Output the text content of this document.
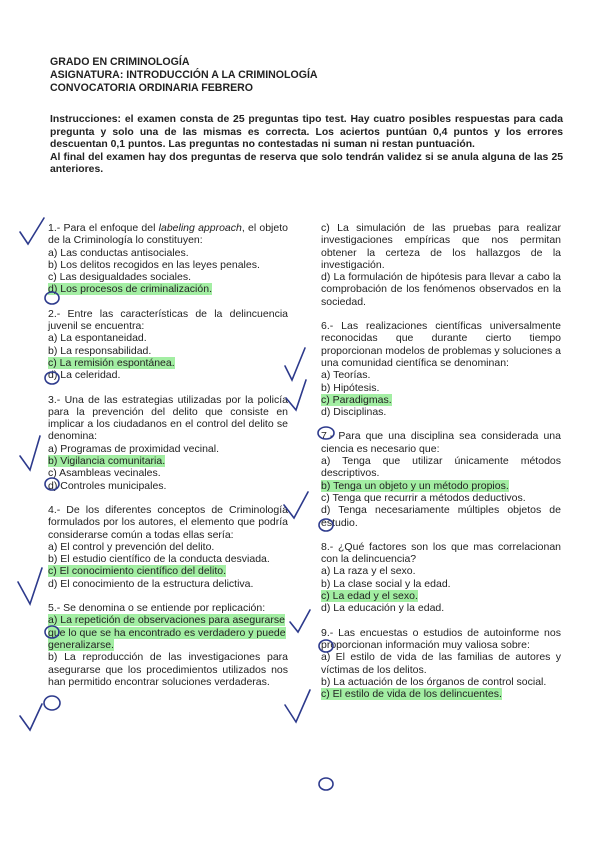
GRADO EN CRIMINOLOGÍA
ASIGNATURA: INTRODUCCIÓN A LA CRIMINOLOGÍA
CONVOCATORIA ORDINARIA FEBRERO

Instrucciones: el examen consta de 25 preguntas tipo test. Hay cuatro posibles respuestas para cada pregunta y solo una de las mismas es correcta. Los aciertos puntúan 0,4 puntos y los errores descuentan 0,1 puntos. Las preguntas no contestadas ni suman ni restan puntuación.

Al final del examen hay dos preguntas de reserva que solo tendrán validez si se anula alguna de las 25 anteriores.

1.- Para el enfoque del labeling approach, el objeto de la Criminología lo constituyen:
a) Las conductas antisociales.
b) Los delitos recogidos en las leyes penales.
c) Las desigualdades sociales.
d) Los procesos de criminalización.
2.- Entre las características de la delincuencia juvenil se encuentra:
a) La espontaneidad.
b) La responsabilidad.
c) La remisión espontánea.
d) La celeridad.
3.- Una de las estrategias utilizadas por la policía para la prevención del delito que consiste en implicar a los ciudadanos en el control del delito se denomina:
a) Programas de proximidad vecinal.
b) Vigilancia comunitaria.
c) Asambleas vecinales.
d) Controles municipales.
4.- De los diferentes conceptos de Criminología formulados por los autores, el elemento que podría considerarse común a todas ellas sería:
a) El control y prevención del delito.
b) El estudio científico de la conducta desviada.
c) El conocimiento científico del delito.
d) El conocimiento de la estructura delictiva.
5.- Se denomina o se entiende por replicación:
a) La repetición de observaciones para asegurarse que lo que se ha encontrado es verdadero y puede generalizarse.
b) La reproducción de las investigaciones para asegurarse que los procedimientos utilizados nos han permitido encontrar soluciones verdaderas.
c) La simulación de las pruebas para realizar investigaciones empíricas que nos permitan obtener la certeza de los hallazgos de la investigación.
d) La formulación de hipótesis para llevar a cabo la comprobación de los fenómenos observados en la sociedad.
6.- Las realizaciones científicas universalmente reconocidas que durante cierto tiempo proporcionan modelos de problemas y soluciones a una comunidad científica se denominan:
a) Teorías.
b) Hipótesis.
c) Paradigmas.
d) Disciplinas.
7.- Para que una disciplina sea considerada una ciencia es necesario que:
a) Tenga que utilizar únicamente métodos descriptivos.
b) Tenga un objeto y un método propios.
c) Tenga que recurrir a métodos deductivos.
d) Tenga necesariamente múltiples objetos de estudio.
8.- ¿Qué factores son los que mas correlacionan con la delincuencia?
a) La raza y el sexo.
b) La clase social y la edad.
c) La edad y el sexo.
d) La educación y la edad.
9.- Las encuestas o estudios de autoinforme nos proporcionan información muy valiosa sobre:
a) El estilo de vida de las familias de autores y víctimas de los delitos.
b) La actuación de los órganos de control social.
c) El estilo de vida de los delincuentes.
